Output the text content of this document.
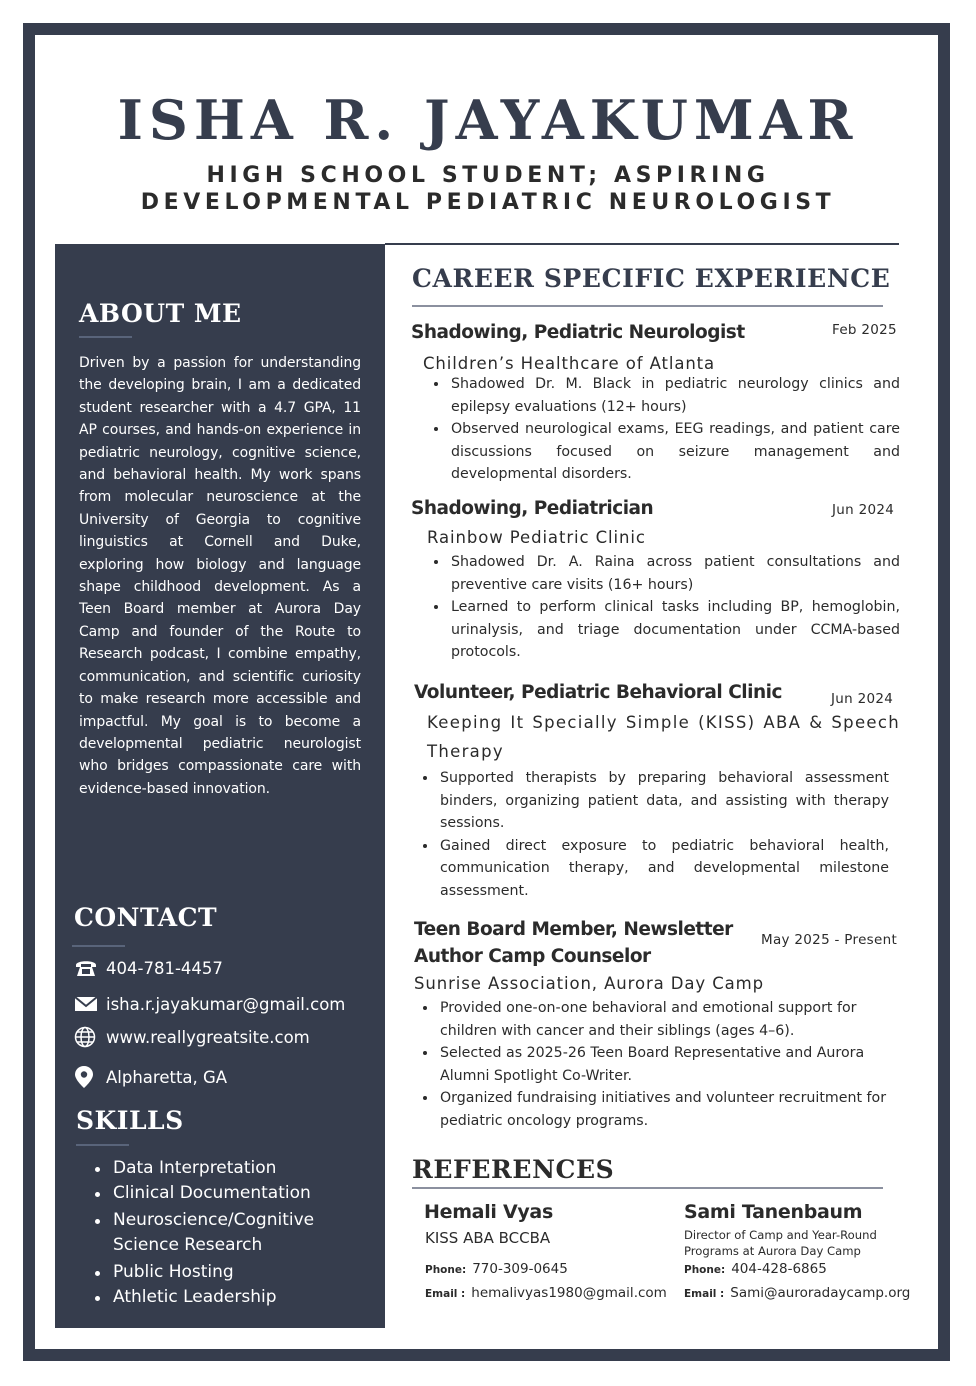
ISHA R. JAYAKUMAR
HIGH SCHOOL STUDENT; ASPIRING
DEVELOPMENTAL PEDIATRIC NEUROLOGIST
ABOUT ME

Driven by a passion for understanding the developing brain, I am a dedicated student researcher with a 4.7 GPA, 11 AP courses, and hands-on experience in pediatric neurology, cognitive science, and behavioral health. My work spans from molecular neuroscience at the University of Georgia to cognitive linguistics at Cornell and Duke, exploring how biology and language shape childhood development. As a Teen Board member at Aurora Day Camp and founder of the Route to Research podcast, I combine empathy, communication, and scientific curiosity to make research more accessible and impactful. My goal is to become a developmental pediatric neurologist who bridges compassionate care with evidence-based innovation.

CONTACT
404-781-4457
isha.r.jayakumar@gmail.com
www.reallygreatsite.com
Alpharetta, GA
SKILLS
Data Interpretation
Clinical Documentation
Neuroscience/Cognitive Science Research
Public Hosting
Athletic Leadership
CAREER SPECIFIC EXPERIENCE
Shadowing, Pediatric Neurologist	Feb 2025
Children’s Healthcare of Atlanta
Shadowed Dr. M. Black in pediatric neurology clinics and epilepsy evaluations (12+ hours)
Observed neurological exams, EEG readings, and patient care discussions focused on seizure management and developmental disorders.
Shadowing, Pediatrician	Jun 2024
Rainbow Pediatric Clinic
Shadowed Dr. A. Raina across patient consultations and preventive care visits (16+ hours)
Learned to perform clinical tasks including BP, hemoglobin, urinalysis, and triage documentation under CCMA-based protocols.
Volunteer, Pediatric Behavioral Clinic	Jun 2024
Keeping It Specially Simple (KISS) ABA & Speech Therapy
Supported therapists by preparing behavioral assessment binders, organizing patient data, and assisting with therapy sessions.
Gained direct exposure to pediatric behavioral health, communication therapy, and developmental milestone assessment.
Teen Board Member, Newsletter Author Camp Counselor
May 2025 - Present
Sunrise Association, Aurora Day Camp
Provided one-on-one behavioral and emotional support for children with cancer and their siblings (ages 4–6).
Selected as 2025-26 Teen Board Representative and Aurora Alumni Spotlight Co-Writer.
Organized fundraising initiatives and volunteer recruitment for pediatric oncology programs.
REFERENCES
Hemali Vyas
KISS ABA BCCBA
Phone: 770-309-0645
Email : hemalivyas1980@gmail.com
Sami Tanenbaum
Director of Camp and Year-Round Programs at Aurora Day Camp
Phone: 404-428-6865
Email : Sami@auroradaycamp.org
